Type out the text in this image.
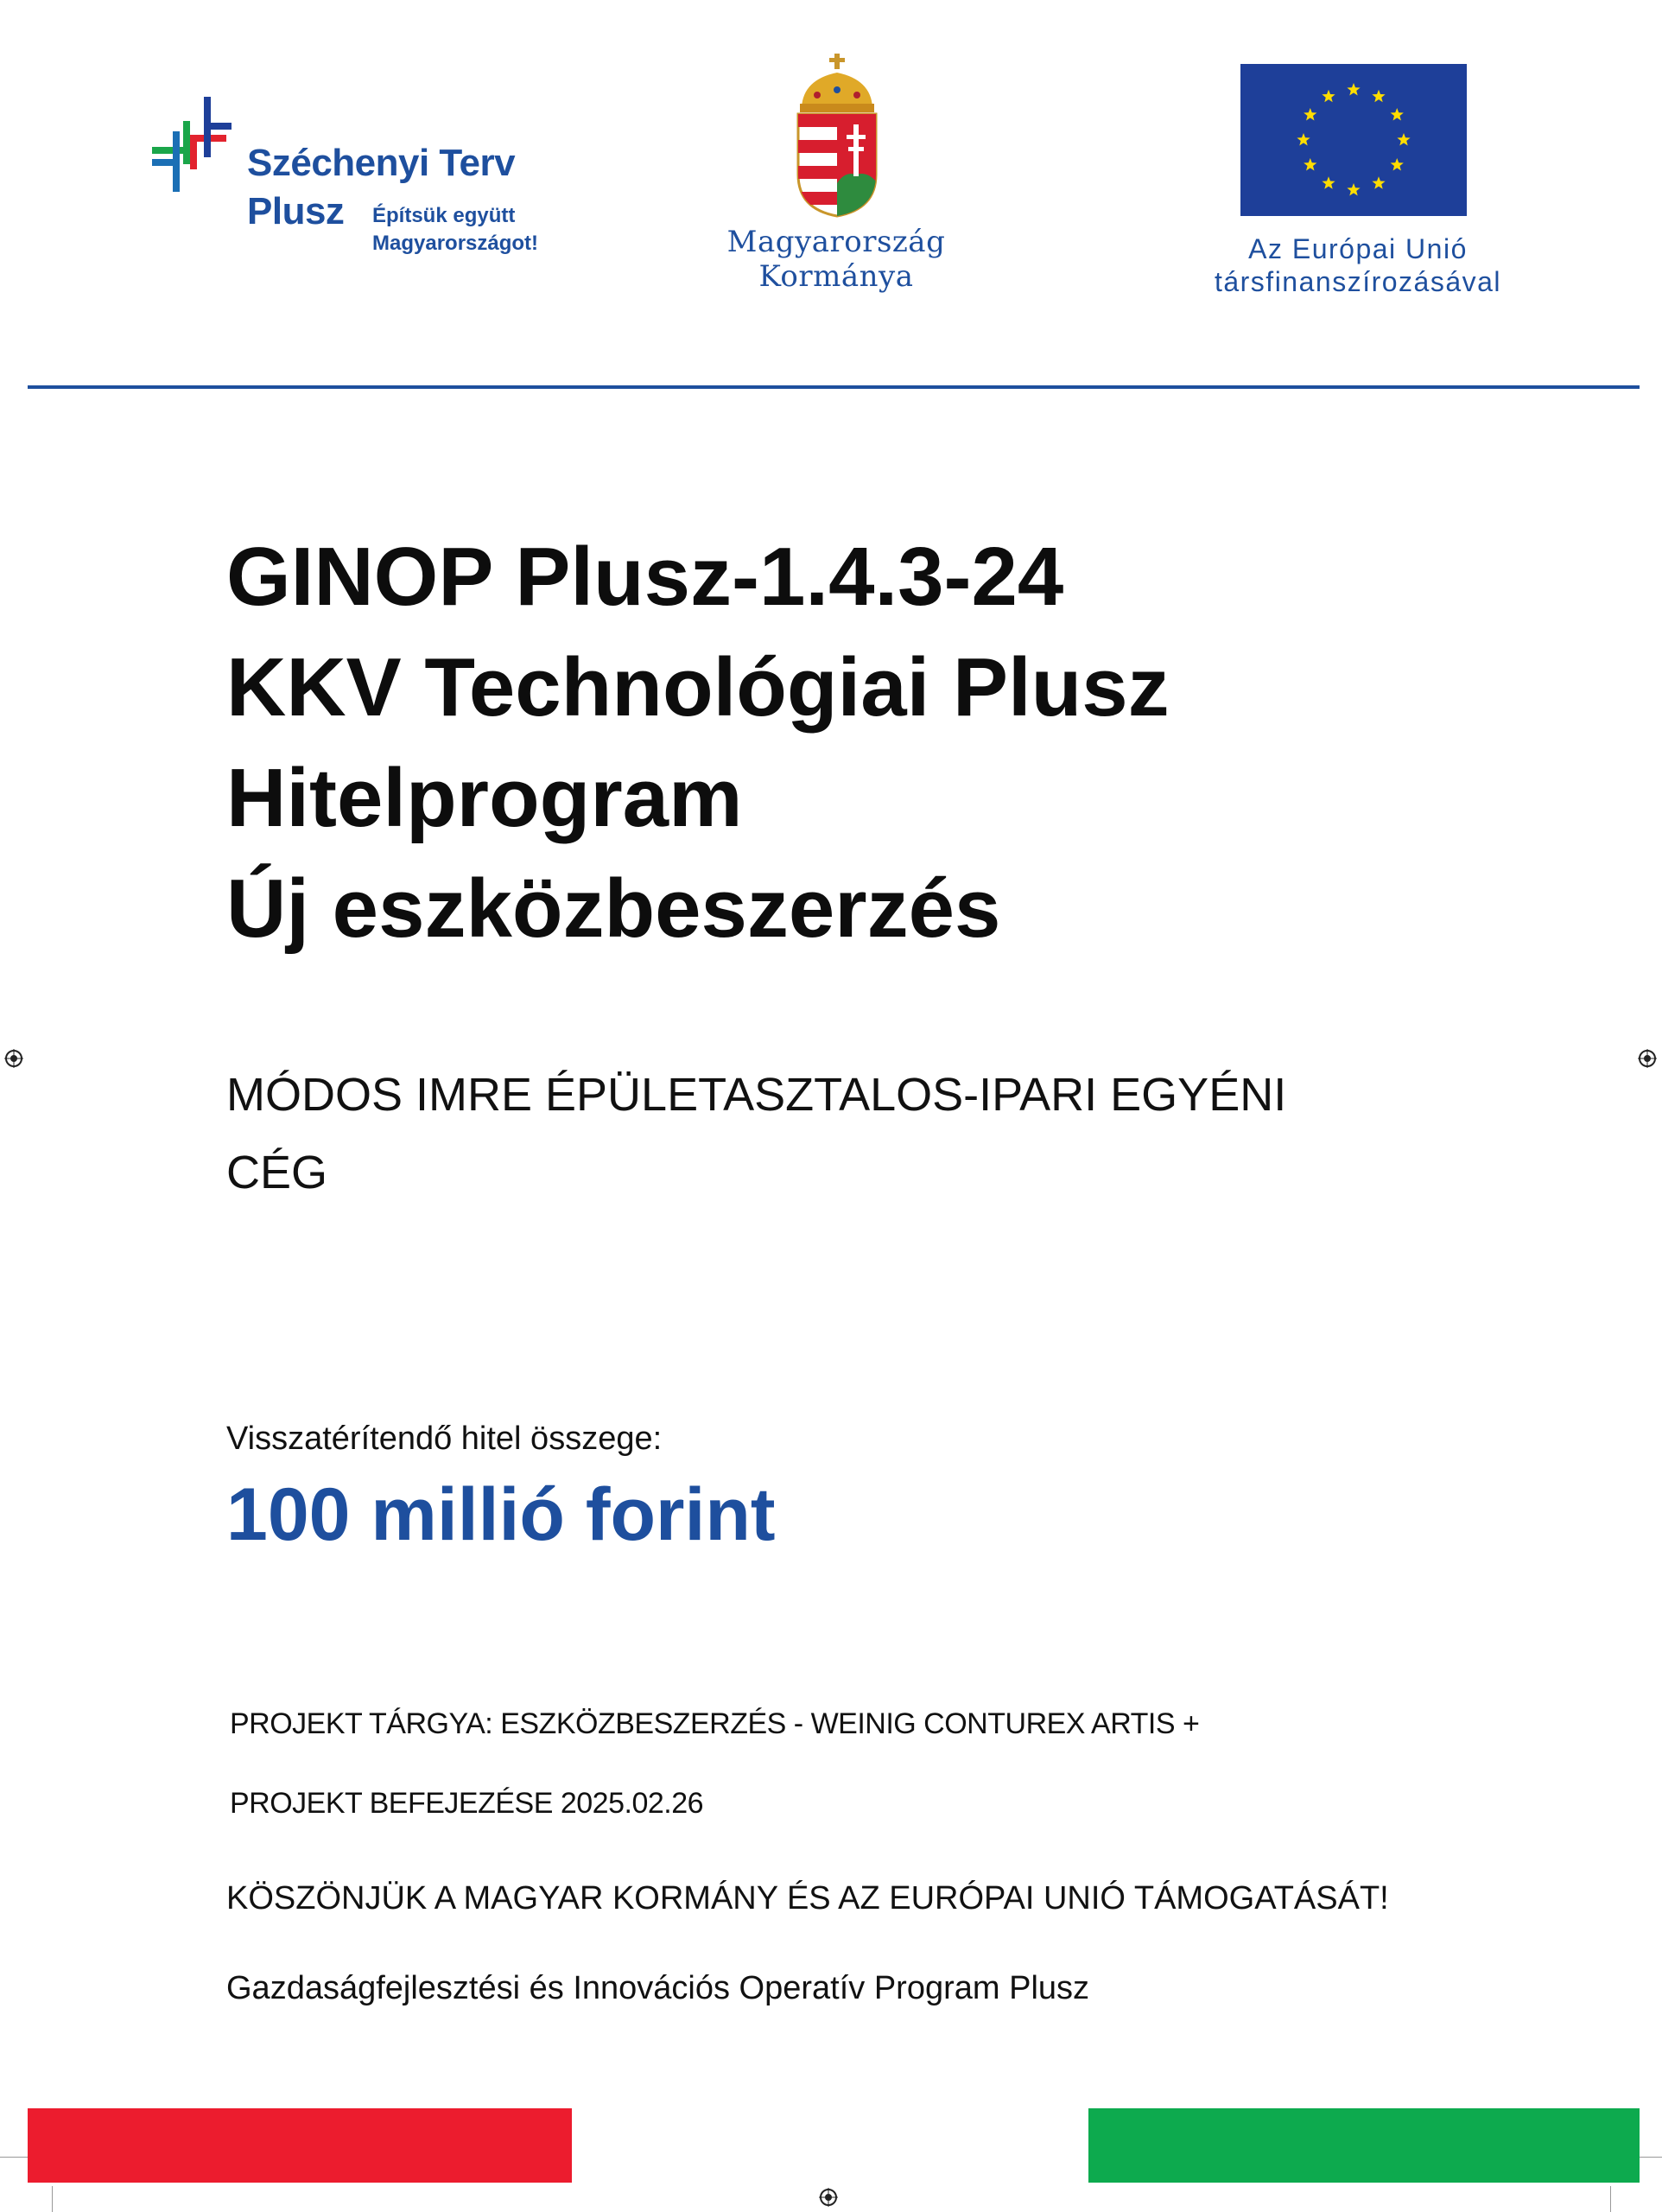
Széchenyi Terv
Plusz Építsük együtt
Magyarországot!	Magyarország
Kormánya
Az Európai Unió
társfinanszírozásával
GINOP Plusz-1.4.3-24
KKV Technológiai Plusz
Hitelprogram
Új eszközbeszerzés
MÓDOS IMRE ÉPÜLETASZTALOS-IPARI EGYÉNI
CÉG
Visszatérítendő hitel összege:
100 millió forint
PROJEKT TÁRGYA: ESZKÖZBESZERZÉS - WEINIG CONTUREX ARTIS +
PROJEKT BEFEJEZÉSE 2025.02.26
KÖSZÖNJÜK A MAGYAR KORMÁNY ÉS AZ EURÓPAI UNIÓ TÁMOGATÁSÁT!
Gazdaságfejlesztési és Innovációs Operatív Program Plusz
